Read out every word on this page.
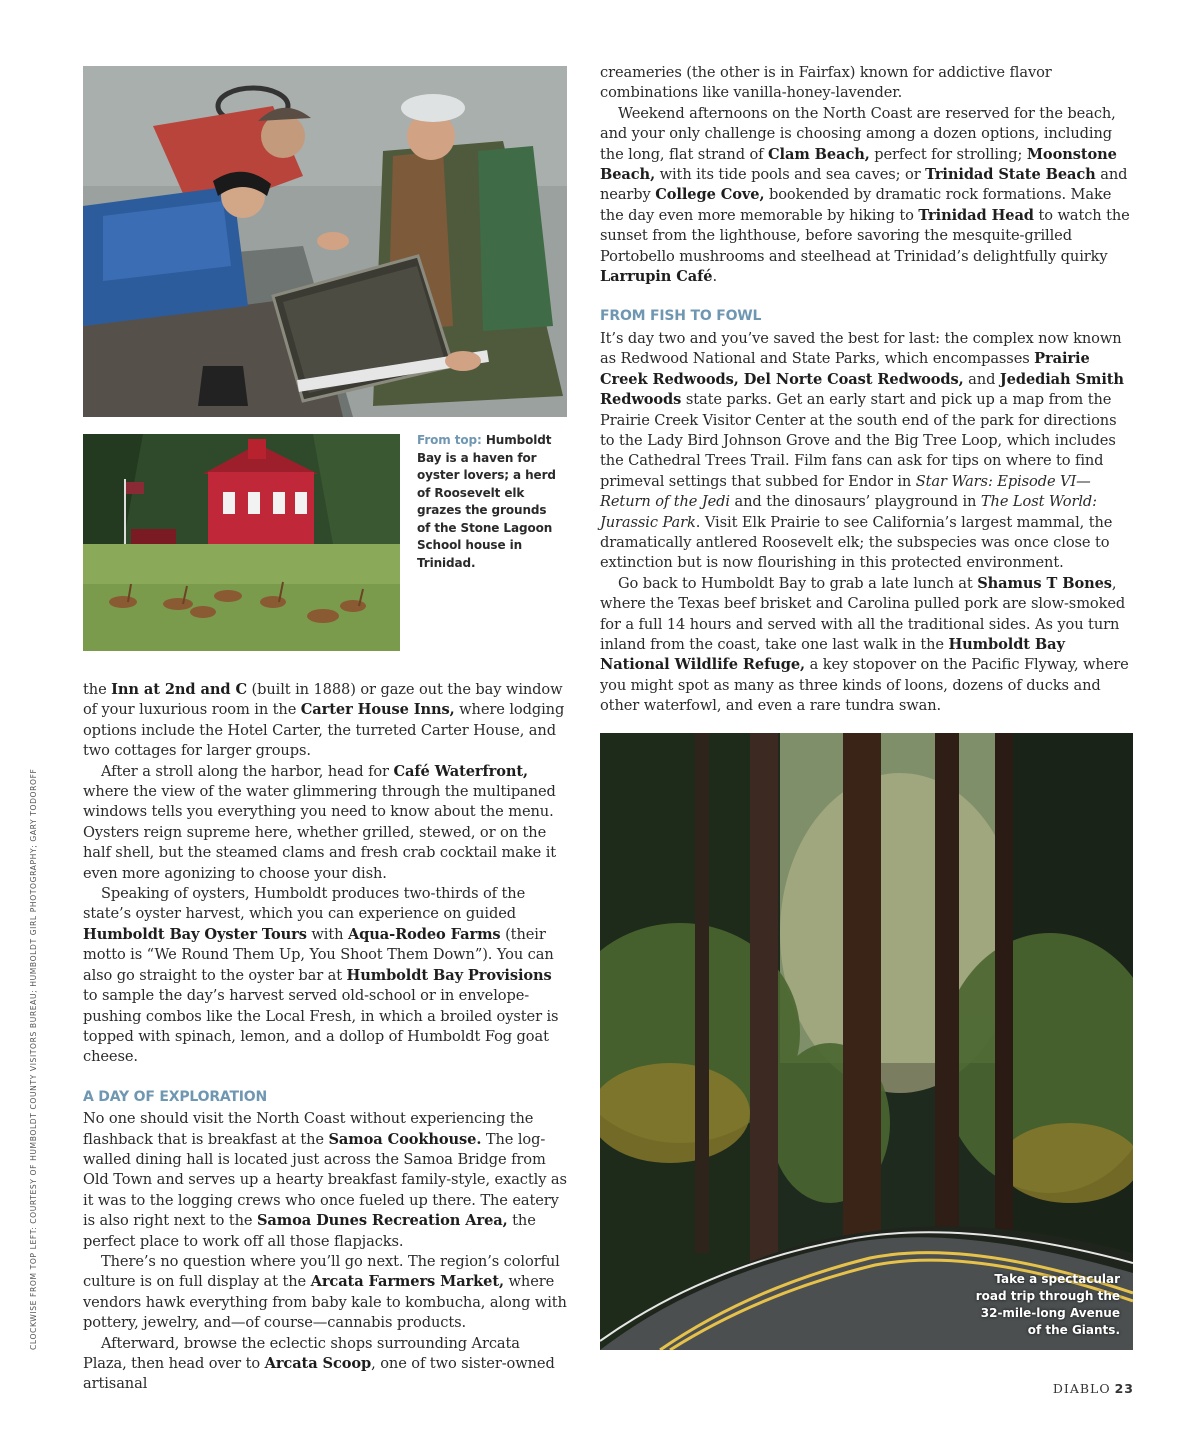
From top: Humboldt Bay is a haven for oyster lovers; a herd of Roosevelt elk grazes the grounds of the Stone Lagoon School house in Trinidad.
Take a spectacular road trip through the 32-mile-long Avenue of the Giants.
CLOCKWISE FROM TOP LEFT: COURTESY OF HUMBOLDT COUNTY VISITORS BUREAU; HUMBOLDT GIRL PHOTOGRAPHY; GARY TODOROFF

the Inn at 2nd and C (built in 1888) or gaze out the bay window of your luxurious room in the Carter House Inns, where lodging options include the Hotel Carter, the turreted Carter House, and two cottages for larger groups.

After a stroll along the harbor, head for Café Waterfront, where the view of the water glimmering through the multipaned windows tells you everything you need to know about the menu. Oysters reign supreme here, whether grilled, stewed, or on the half shell, but the steamed clams and fresh crab cocktail make it even more agonizing to choose your dish.

Speaking of oysters, Humboldt produces two-thirds of the state’s oyster harvest, which you can experience on guided Humboldt Bay Oyster Tours with Aqua-Rodeo Farms (their motto is “We Round Them Up, You Shoot Them Down”). You can also go straight to the oyster bar at Humboldt Bay Provisions to sample the day’s harvest served old-school or in envelope-pushing combos like the Local Fresh, in which a broiled oyster is topped with spinach, lemon, and a dollop of Humboldt Fog goat cheese.

A DAY OF EXPLORATION

No one should visit the North Coast without experiencing the flashback that is breakfast at the Samoa Cookhouse. The log-walled dining hall is located just across the Samoa Bridge from Old Town and serves up a hearty breakfast family-style, exactly as it was to the logging crews who once fueled up there. The eatery is also right next to the Samoa Dunes Recreation Area, the perfect place to work off all those flapjacks.

There’s no question where you’ll go next. The region’s colorful culture is on full display at the Arcata Farmers Market, where vendors hawk everything from baby kale to kombucha, along with pottery, jewelry, and—of course—cannabis products.

Afterward, browse the eclectic shops surrounding Arcata Plaza, then head over to Arcata Scoop, one of two sister-owned artisanal

creameries (the other is in Fairfax) known for addictive flavor combinations like vanilla-honey-lavender.

Weekend afternoons on the North Coast are reserved for the beach, and your only challenge is choosing among a dozen options, including the long, flat strand of Clam Beach, perfect for strolling; Moonstone Beach, with its tide pools and sea caves; or Trinidad State Beach and nearby College Cove, bookended by dramatic rock formations. Make the day even more memorable by hiking to Trinidad Head to watch the sunset from the lighthouse, before savoring the mesquite-grilled Portobello mushrooms and steelhead at Trinidad’s delightfully quirky Larrupin Café.

FROM FISH TO FOWL

It’s day two and you’ve saved the best for last: the complex now known as Redwood National and State Parks, which encompasses Prairie Creek Redwoods, Del Norte Coast Redwoods, and Jedediah Smith Redwoods state parks. Get an early start and pick up a map from the Prairie Creek Visitor Center at the south end of the park for directions to the Lady Bird Johnson Grove and the Big Tree Loop, which includes the Cathedral Trees Trail. Film fans can ask for tips on where to find primeval settings that subbed for Endor in Star Wars: Episode VI—Return of the Jedi and the dinosaurs’ playground in The Lost World: Jurassic Park. Visit Elk Prairie to see California’s largest mammal, the dramatically antlered Roosevelt elk; the subspecies was once close to extinction but is now flourishing in this protected environment.

Go back to Humboldt Bay to grab a late lunch at Shamus T Bones, where the Texas beef brisket and Carolina pulled pork are slow-smoked for a full 14 hours and served with all the traditional sides. As you turn inland from the coast, take one last walk in the Humboldt Bay National Wildlife Refuge, a key stopover on the Pacific Flyway, where you might spot as many as three kinds of loons, dozens of ducks and other waterfowl, and even a rare tundra swan.

DIABLO 23
